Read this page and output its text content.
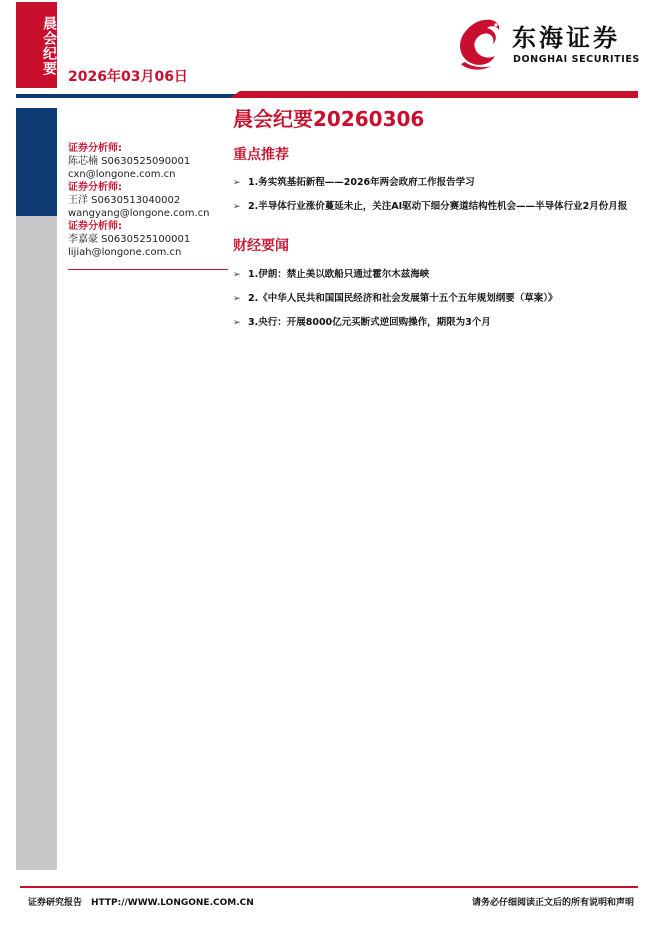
晨会纪要
2026年03月06日
东海证券
DONGHAI SECURITIES
证券分析师:
陈芯楠 S0630525090001
cxn@longone.com.cn
证券分析师:
王洋 S0630513040002
wangyang@longone.com.cn
证券分析师:
李嘉豪 S0630525100001
lijiah@longone.com.cn
晨会纪要20260306
重点推荐
➢ 1.务实筑基拓新程——2026年两会政府工作报告学习
➢ 2.半导体行业涨价蔓延未止，关注AI驱动下细分赛道结构性机会——半导体行业2月份月报
财经要闻
➢ 1.伊朗：禁止美以欧船只通过霍尔木兹海峡
➢ 2.《中华人民共和国国民经济和社会发展第十五个五年规划纲要（草案）》
➢ 3.央行：开展8000亿元买断式逆回购操作，期限为3个月
证券研究报告　HTTP://WWW.LONGONE.COM.CN	请务必仔细阅读正文后的所有说明和声明
